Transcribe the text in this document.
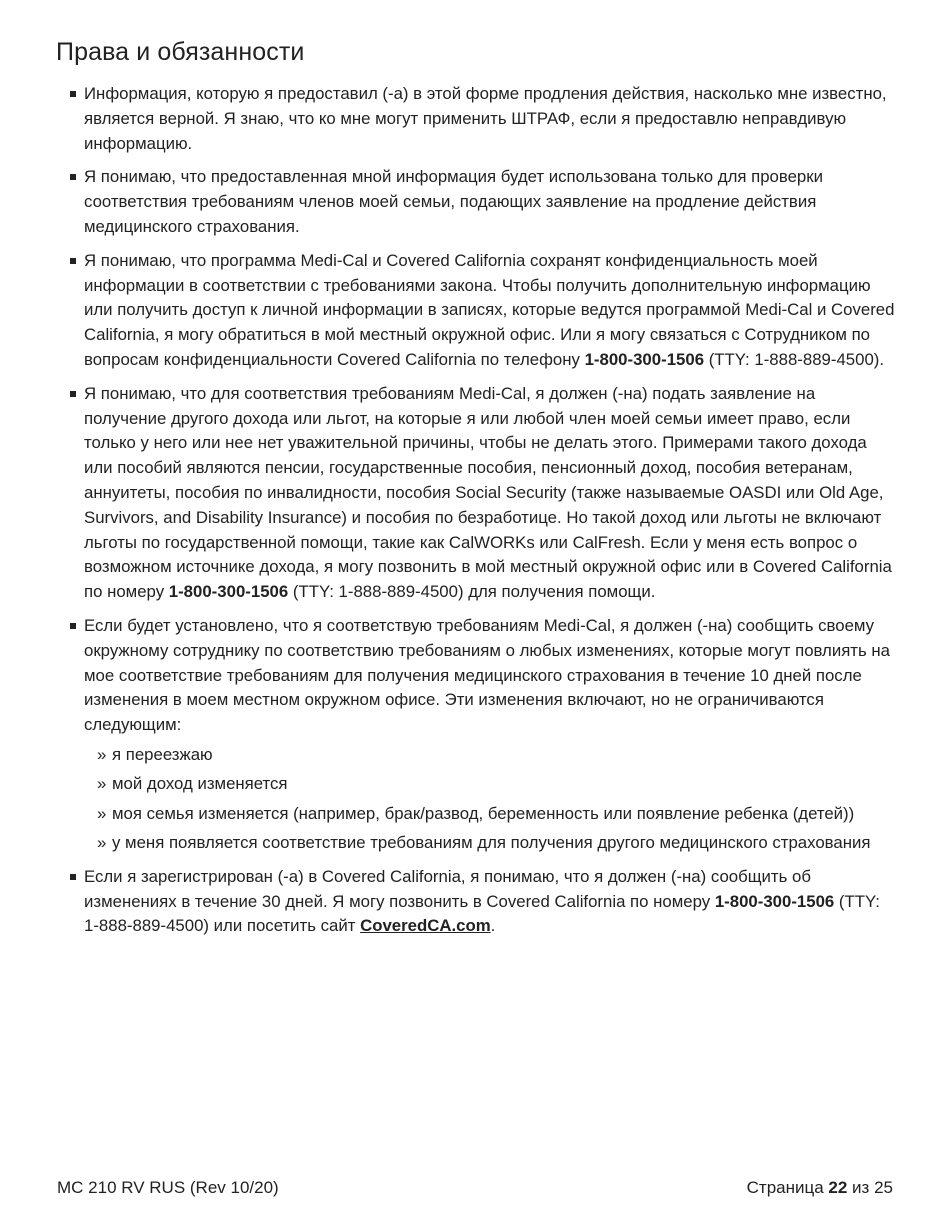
Права и обязанности
Информация, которую я предоставил (-а) в этой форме продления действия, насколько мне известно, является верной. Я знаю, что ко мне могут применить ШТРАФ, если я предоставлю неправдивую информацию.
Я понимаю, что предоставленная мной информация будет использована только для проверки соответствия требованиям членов моей семьи, подающих заявление на продление действия медицинского страхования.
Я понимаю, что программа Medi-Cal и Covered California сохранят конфиденциальность моей информации в соответствии с требованиями закона. Чтобы получить дополнительную информацию или получить доступ к личной информации в записях, которые ведутся программой Medi-Cal и Covered California, я могу обратиться в мой местный окружной офис. Или я могу связаться с Сотрудником по вопросам конфиденциальности Covered California по телефону 1-800-300-1506 (TTY: 1-888-889-4500).
Я понимаю, что для соответствия требованиям Medi-Cal, я должен (-на) подать заявление на получение другого дохода или льгот, на которые я или любой член моей семьи имеет право, если только у него или нее нет уважительной причины, чтобы не делать этого. Примерами такого дохода или пособий являются пенсии, государственные пособия, пенсионный доход, пособия ветеранам, аннуитеты, пособия по инвалидности, пособия Social Security (также называемые OASDI или Old Age, Survivors, and Disability Insurance) и пособия по безработице. Но такой доход или льготы не включают льготы по государственной помощи, такие как CalWORKs или CalFresh. Если у меня есть вопрос о возможном источнике дохода, я могу позвонить в мой местный окружной офис или в Covered California по номеру 1-800-300-1506 (TTY: 1-888-889-4500) для получения помощи.
Если будет установлено, что я соответствую требованиям Medi-Cal, я должен (-на) сообщить своему окружному сотруднику по соответствию требованиям о любых изменениях, которые могут повлиять на мое соответствие требованиям для получения медицинского страхования в течение 10 дней после изменения в моем местном окружном офисе. Эти изменения включают, но не ограничиваются следующим:
» я переезжаю
» мой доход изменяется
» моя семья изменяется (например, брак/развод, беременность или появление ребенка (детей))
» у меня появляется соответствие требованиям для получения другого медицинского страхования
Если я зарегистрирован (-а) в Covered California, я понимаю, что я должен (-на) сообщить об изменениях в течение 30 дней. Я могу позвонить в Covered California по номеру 1-800-300-1506 (TTY: 1-888-889-4500) или посетить сайт CoveredCA.com.
MC 210 RV RUS (Rev 10/20)	Страница 22 из 25
